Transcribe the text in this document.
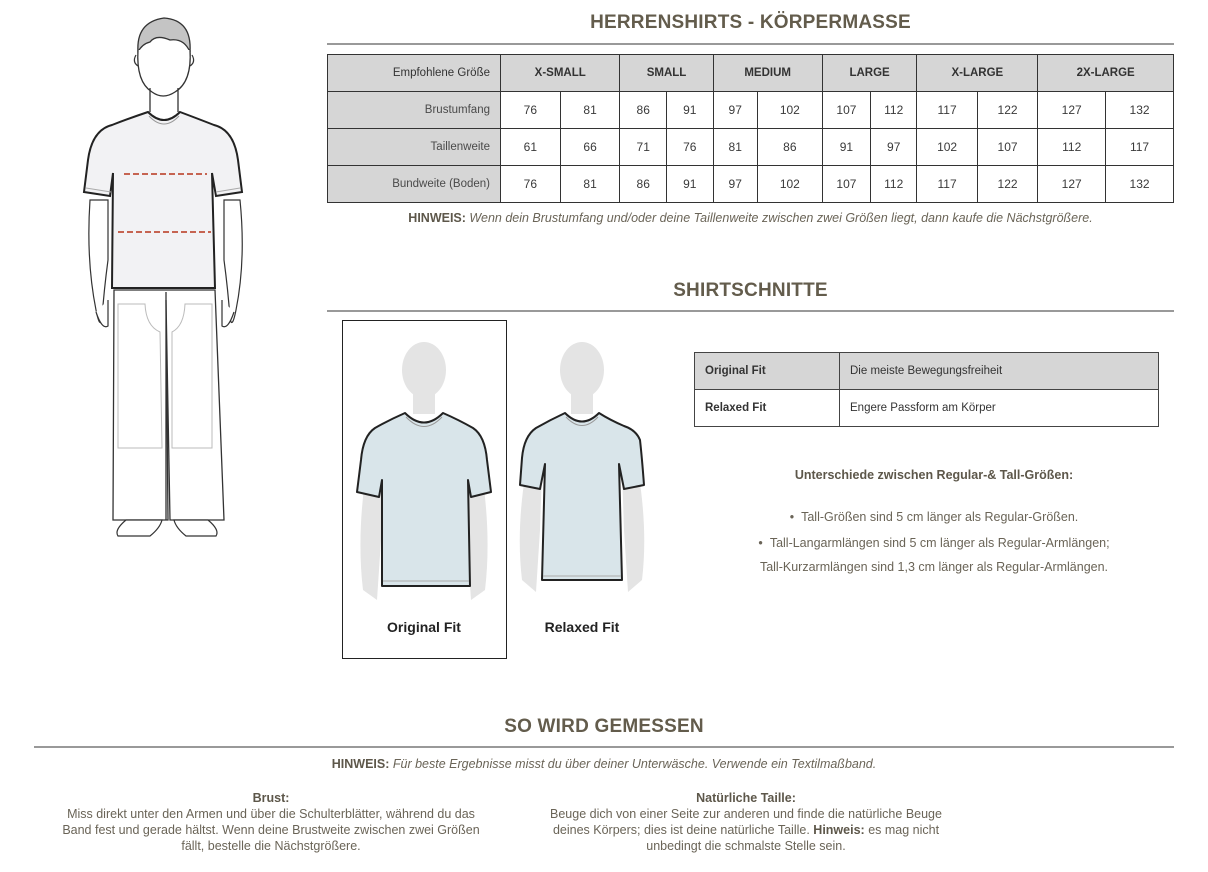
HERRENSHIRTS - KÖRPERMASSE
Empfohlene Größe	X-SMALL		SMALL		MEDIUM		LARGE		X-LARGE		2X-LARGE	
Brustumfang	76	81	86	91	97	102	107	112	117	122	127	132
Taillenweite	61	66	71	76	81	86	91	97	102	107	112	117
Bundweite (Boden)	76	81	86	91	97	102	107	112	117	122	127	132
HINWEIS: Wenn dein Brustumfang und/oder deine Taillenweite zwischen zwei Größen liegt, dann kaufe die Nächstgrößere.
SHIRTSCHNITTE
Original Fit	Relaxed Fit
Original Fit	Die meiste Bewegungsfreiheit
Relaxed Fit	Engere Passform am Körper
Unterschiede zwischen Regular-& Tall-Größen:
• Tall-Größen sind 5 cm länger als Regular-Größen.
• Tall-Langarmlängen sind 5 cm länger als Regular-Armlängen;
Tall-Kurzarmlängen sind 1,3 cm länger als Regular-Armlängen.
SO WIRD GEMESSEN
HINWEIS: Für beste Ergebnisse misst du über deiner Unterwäsche. Verwende ein Textilmaßband.
Brust:
Miss direkt unter den Armen und über die Schulterblätter, während du das
Band fest und gerade hältst. Wenn deine Brustweite zwischen zwei Größen
fällt, bestelle die Nächstgrößere.
Natürliche Taille:
Beuge dich von einer Seite zur anderen und finde die natürliche Beuge
deines Körpers; dies ist deine natürliche Taille. Hinweis: es mag nicht
unbedingt die schmalste Stelle sein.
